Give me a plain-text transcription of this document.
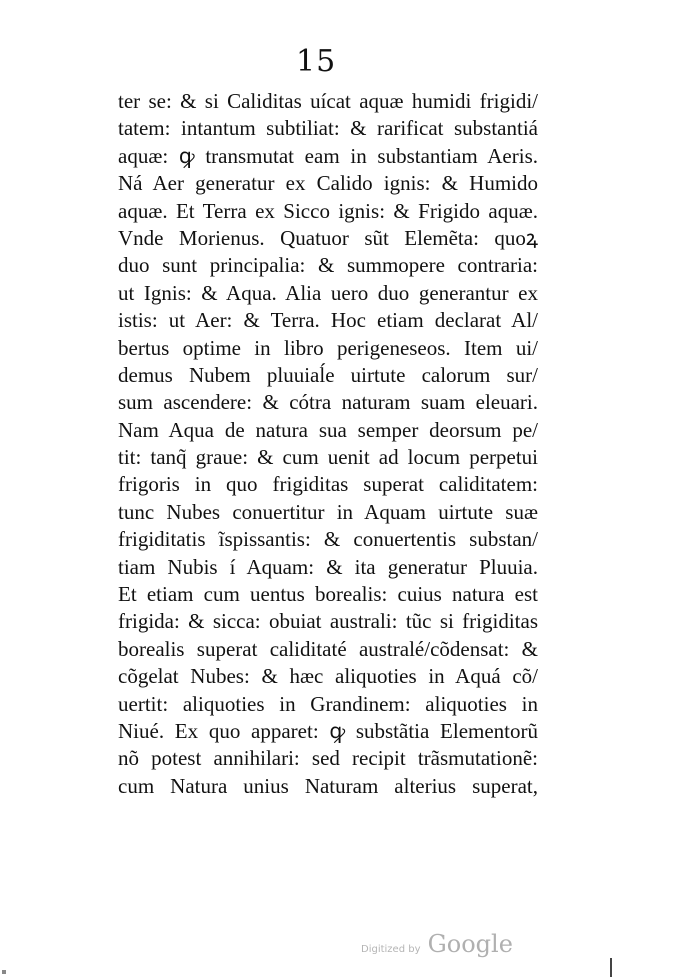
15
ter se: & si Caliditas uícat aquæ humidi frigidi/
tatem: intantum subtiliat: & rarificat substantiá
aquæ: ꝙ transmutat eam in substantiam Aeris.
Ná Aer generatur ex Calido ignis: & Humido
aquæ. Et Terra ex Sicco ignis: & Frigido aquæ.
Vnde Morienus. Quatuor sũt Elemẽta: quoꝝ
duo sunt principalia: & summopere contraria:
ut Ignis: & Aqua. Alia uero duo generantur ex
istis: ut Aer: & Terra. Hoc etiam declarat Al/
bertus optime in libro perigeneseos. Item ui/
demus Nubem pluuiaĺe uirtute calorum sur/
sum ascendere: & cótra naturam suam eleuari.
Nam Aqua de natura sua semper deorsum pe/
tit: tanq̃ graue: & cum uenit ad locum perpetui
frigoris in quo frigiditas superat caliditatem:
tunc Nubes conuertitur in Aquam uirtute suæ
frigiditatis ĩspissantis: & conuertentis substan/
tiam Nubis í Aquam: & ita generatur Pluuia.
Et etiam cum uentus borealis: cuius natura est
frigida: & sicca: obuiat australi: tũc si frigiditas
borealis superat caliditaté australé/cõdensat: &
cõgelat Nubes: & hæc aliquoties in Aquá cõ/
uertit: aliquoties in Grandinem: aliquoties in
Niué. Ex quo apparet: ꝙ substãtia Elementorũ
nõ potest annihilari: sed recipit trãsmutationẽ:
cum Natura unius Naturam alterius superat,
Digitized by Google
